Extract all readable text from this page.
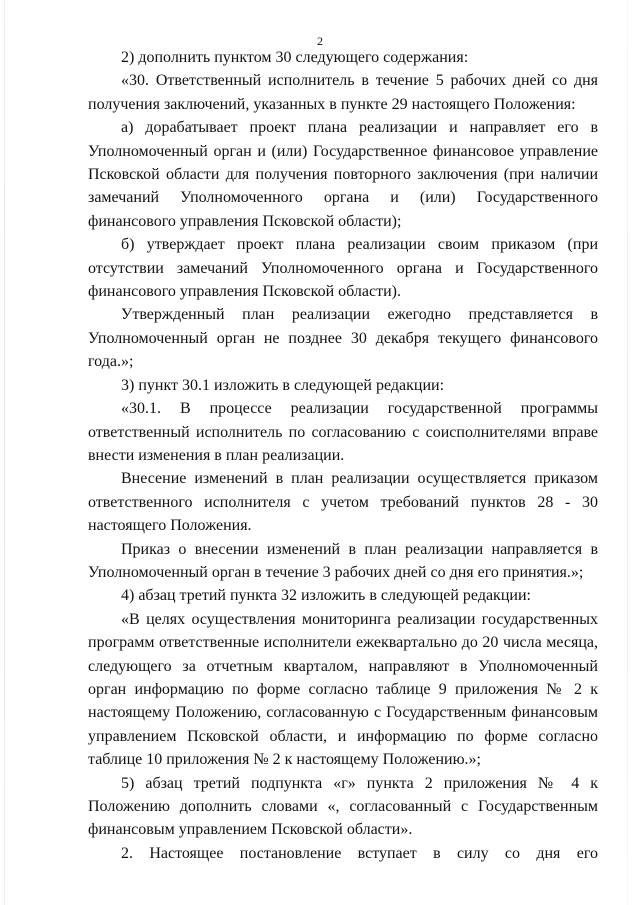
2

2) дополнить пунктом 30 следующего содержания:

«30. Ответственный исполнитель в течение 5 рабочих дней со дня получения заключений, указанных в пункте 29 настоящего Положения:

а) дорабатывает проект плана реализации и направляет его в Уполномоченный орган и (или) Государственное финансовое управление Псковской области для получения повторного заключения (при наличии замечаний Уполномоченного органа и (или) Государственного финансового управления Псковской области);

б) утверждает проект плана реализации своим приказом (при отсутствии замечаний Уполномоченного органа и Государственного финансового управления Псковской области).

Утвержденный план реализации ежегодно представляется в Уполномоченный орган не позднее 30 декабря текущего финансового года.»;

3) пункт 30.1 изложить в следующей редакции:

«30.1. В процессе реализации государственной программы ответственный исполнитель по согласованию с соисполнителями вправе внести изменения в план реализации.

Внесение изменений в план реализации осуществляется приказом ответственного исполнителя с учетом требований пунктов 28 - 30 настоящего Положения.

Приказ о внесении изменений в план реализации направляется в Уполномоченный орган в течение 3 рабочих дней со дня его принятия.»;

4) абзац третий пункта 32 изложить в следующей редакции:

«В целях осуществления мониторинга реализации государственных программ ответственные исполнители ежеквартально до 20 числа месяца, следующего за отчетным кварталом, направляют в Уполномоченный орган информацию по форме согласно таблице 9 приложения № 2 к настоящему Положению, согласованную с Государственным финансовым управлением Псковской области, и информацию по форме согласно таблице 10 приложения № 2 к настоящему Положению.»;

5) абзац третий подпункта «г» пункта 2 приложения № 4 к Положению дополнить словами «, согласованный с Государственным финансовым управлением Псковской области».

2. Настоящее постановление вступает в силу со дня его
